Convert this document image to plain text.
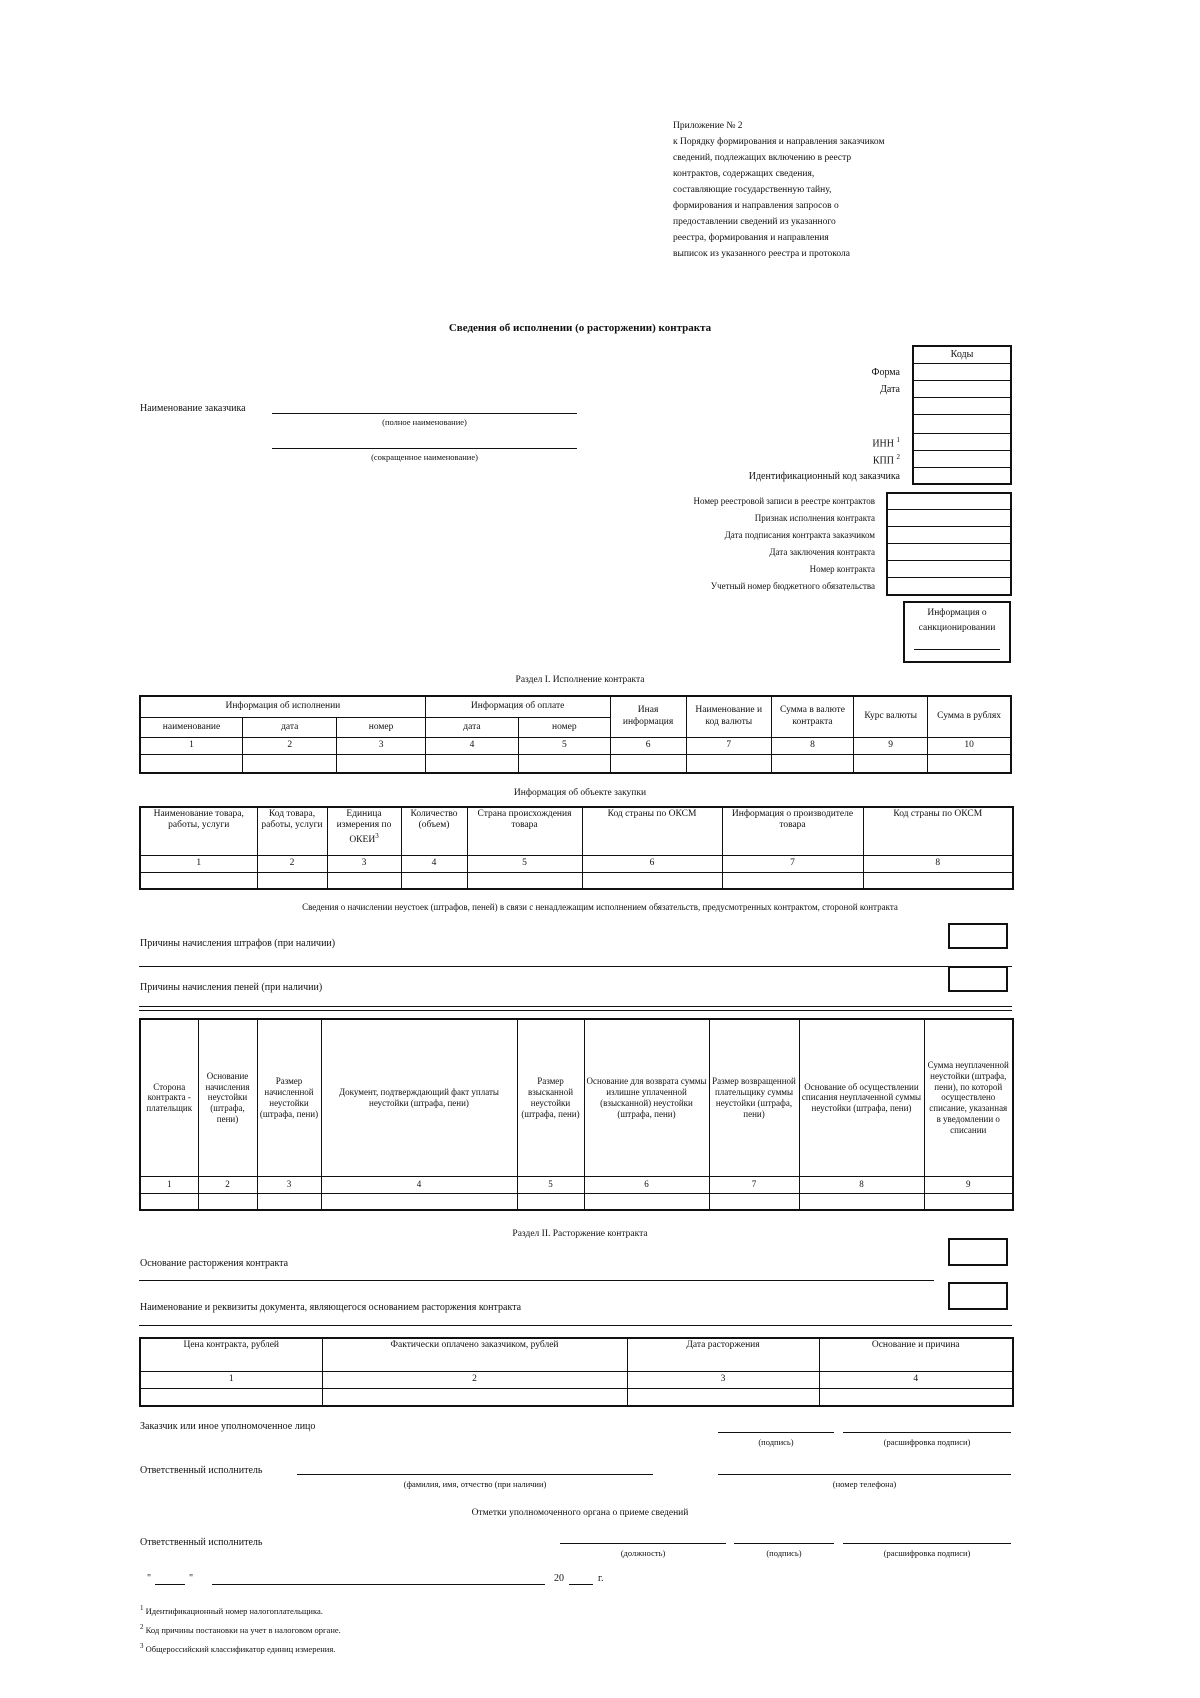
Приложение № 2
к Порядку формирования и направления заказчиком
сведений, подлежащих включению в реестр
контрактов, содержащих сведения,
составляющие государственную тайну,
формирования и направления запросов о
предоставлении сведений из указанного
реестра, формирования и направления
выписок из указанного реестра и протокола
Сведения об исполнении (о расторжении) контракта
Коды
Форма
Дата
ИНН $^1$
КПП $^2$
Идентификационный код заказчика
Наименование заказчика
(полное наименование)
(сокращенное наименование)
Номер реестровой записи в реестре контрактов
Признак исполнения контракта
Дата подписания контракта заказчиком
Дата заключения контракта
Номер контракта
Учетный номер бюджетного обязательства
Информация о
санкционировании
Раздел I. Исполнение контракта
Информация об исполнении			Информация об оплате		Иная информация	Наименование и код валюты	Сумма в валюте контракта	Курс валюты	Сумма в рублях
наименование	дата	номер	дата	номер					
1	2	3	4	5	6	7	8	9	10

Информация об объекте закупки
Наименование товара, работы, услуги	Код товара, работы, услуги	Единица измерения по ОКЕИ$^3$	Количество (объем)	Страна происхождения товара	Код страны по ОКСМ	Информация о производителе товара	Код страны по ОКСМ
1	2	3	4	5	6	7	8

Сведения о начислении неустоек (штрафов, пеней) в связи с ненадлежащим исполнением обязательств, предусмотренных контрактом, стороной контракта
Причины начисления штрафов (при наличии)
Причины начисления пеней (при наличии)
Сторона контракта - плательщик	Основание начисления неустойки (штрафа, пени)	Размер начисленной неустойки (штрафа, пени)	Документ, подтверждающий факт уплаты неустойки (штрафа, пени)	Размер взысканной неустойки (штрафа, пени)	Основание для возврата суммы излишне уплаченной (взысканной) неустойки (штрафа, пени)	Размер возвращенной плательщику суммы неустойки (штрафа, пени)	Основание об осуществлении списания неуплаченной суммы неустойки (штрафа, пени)	Сумма неуплаченной неустойки (штрафа, пени), по которой осуществлено списание, указанная в уведомлении о списании
1	2	3	4	5	6	7	8	9

Раздел II. Расторжение контракта
Основание расторжения контракта
Наименование и реквизиты документа, являющегося основанием расторжения контракта
Цена контракта, рублей	Фактически оплачено заказчиком, рублей	Дата расторжения	Основание и причина
1	2	3	4

Заказчик или иное уполномоченное лицо
(подпись)	(расшифровка подписи)
Ответственный исполнитель
(фамилия, имя, отчество (при наличии)	(номер телефона)
Отметки уполномоченного органа о приеме сведений
Ответственный исполнитель
(должность)	(подпись)	(расшифровка подписи)
"	"	20	г.
$^1$ Идентификационный номер налогоплательщика.
$^2$ Код причины постановки на учет в налоговом органе.
$^3$ Общероссийский классификатор единиц измерения.
